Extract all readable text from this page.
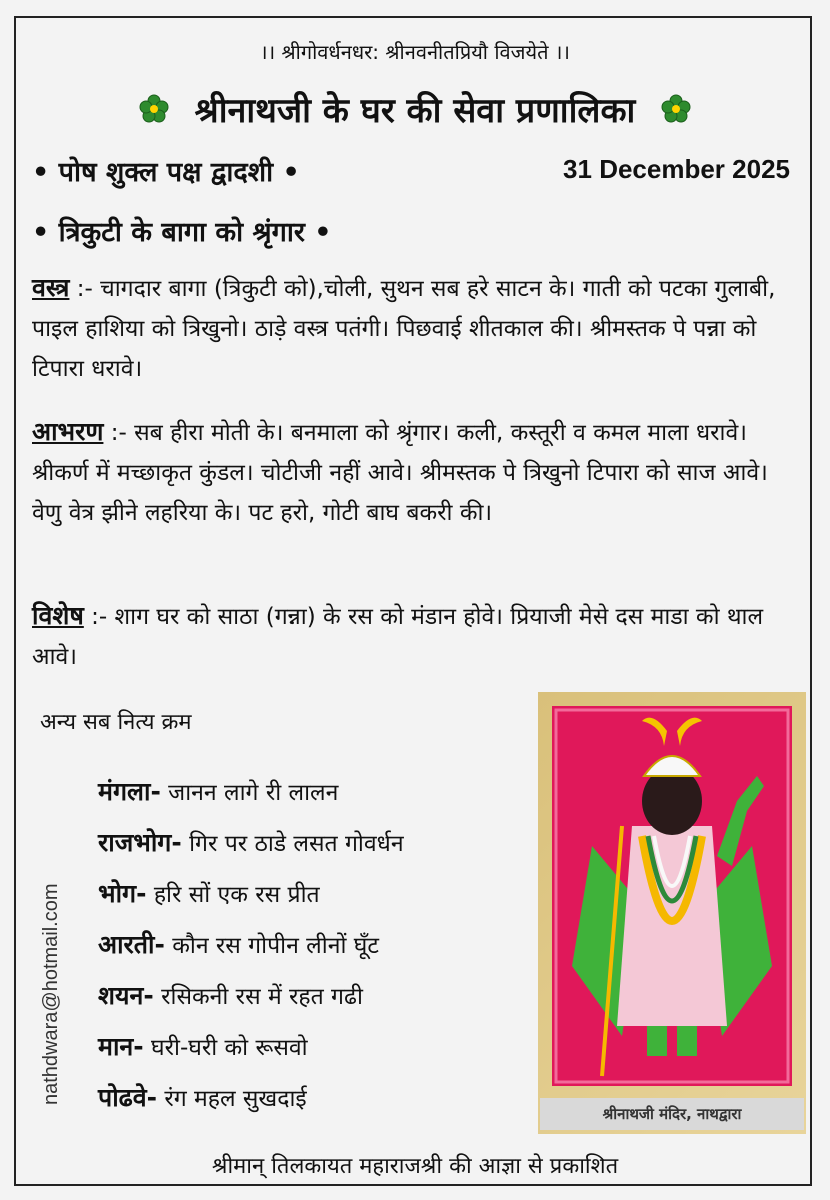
।। श्रीगोवर्धनधर: श्रीनवनीतप्रियौ विजयेते ।।
श्रीनाथजी के घर की सेवा प्रणालिका
• पोष शुक्ल पक्ष द्वादशी •	31 December 2025
• त्रिकुटी के बागा को श्रृंगार •
वस्त्र :- चागदार बागा (त्रिकुटी को),चोली, सुथन सब हरे साटन के। गाती को पटका गुलाबी, पाइल हाशिया को त्रिखुनो। ठाड़े वस्त्र पतंगी। पिछवाई शीतकाल की। श्रीमस्तक पे पन्ना को टिपारा धरावे।
आभरण :- सब हीरा मोती के। बनमाला को श्रृंगार। कली, कस्तूरी व कमल माला धरावे। श्रीकर्ण में मच्छाकृत कुंडल। चोटीजी नहीं आवे। श्रीमस्तक पे त्रिखुनो टिपारा को साज आवे। वेणु वेत्र झीने लहरिया के। पट हरो, गोटी बाघ बकरी की।
विशेष :- शाग घर को साठा (गन्ना) के रस को मंडान होवे। प्रियाजी मेसे दस माडा को थाल आवे।
अन्य सब नित्य क्रम
मंगला- जानन लागे री लालन
राजभोग- गिर पर ठाडे लसत गोवर्धन
भोग- हरि सों एक रस प्रीत
आरती- कौन रस गोपीन लीनों घूँट
शयन- रसिकनी रस में रहत गढी
मान- घरी-घरी को रूसवो
पोढवे- रंग महल सुखदाई
nathdwara@hotmail.com
श्रीनाथजी मंदिर, नाथद्वारा
श्रीमान् तिलकायत महाराजश्री की आज्ञा से प्रकाशित
